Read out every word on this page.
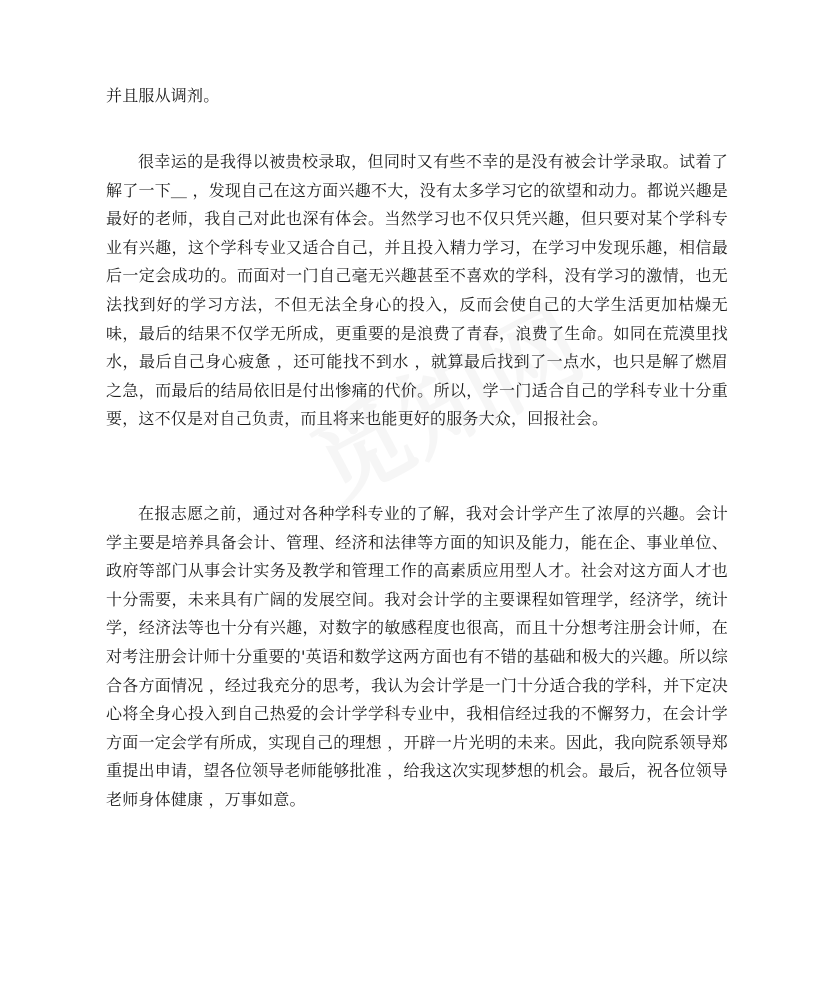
并且服从调剂。

很幸运的是我得以被贵校录取，但同时又有些不幸的是没有被会计学录取。试着了解了一下＿ ，发现自己在这方面兴趣不大，没有太多学习它的欲望和动力。都说兴趣是最好的老师，我自己对此也深有体会。当然学习也不仅只凭兴趣，但只要对某个学科专业有兴趣，这个学科专业又适合自己，并且投入精力学习，在学习中发现乐趣，相信最后一定会成功的。而面对一门自己毫无兴趣甚至不喜欢的学科，没有学习的激情，也无法找到好的学习方法，不但无法全身心的投入，反而会使自己的大学生活更加枯燥无味，最后的结果不仅学无所成，更重要的是浪费了青春，浪费了生命。如同在荒漠里找水，最后自己身心疲惫 ，还可能找不到水 ，就算最后找到了一点水，也只是解了燃眉之急，而最后的结局依旧是付出惨痛的代价。所以，学一门适合自己的学科专业十分重要，这不仅是对自己负责，而且将来也能更好的服务大众，回报社会。

在报志愿之前，通过对各种学科专业的了解，我对会计学产生了浓厚的兴趣。会计学主要是培养具备会计、管理、经济和法律等方面的知识及能力，能在企、事业单位、政府等部门从事会计实务及教学和管理工作的高素质应用型人才。社会对这方面人才也十分需要，未来具有广阔的发展空间。我对会计学的主要课程如管理学，经济学，统计学，经济法等也十分有兴趣，对数字的敏感程度也很高，而且十分想考注册会计师，在对考注册会计师十分重要的'英语和数学这两方面也有不错的基础和极大的兴趣。所以综合各方面情况 ，经过我充分的思考，我认为会计学是一门十分适合我的学科，并下定决心将全身心投入到自己热爱的会计学学科专业中，我相信经过我的不懈努力，在会计学方面一定会学有所成，实现自己的理想 ，开辟一片光明的未来。因此，我向院系领导郑重提出申请，望各位领导老师能够批准 ，给我这次实现梦想的机会。最后，祝各位领导老师身体健康 ，万事如意。
